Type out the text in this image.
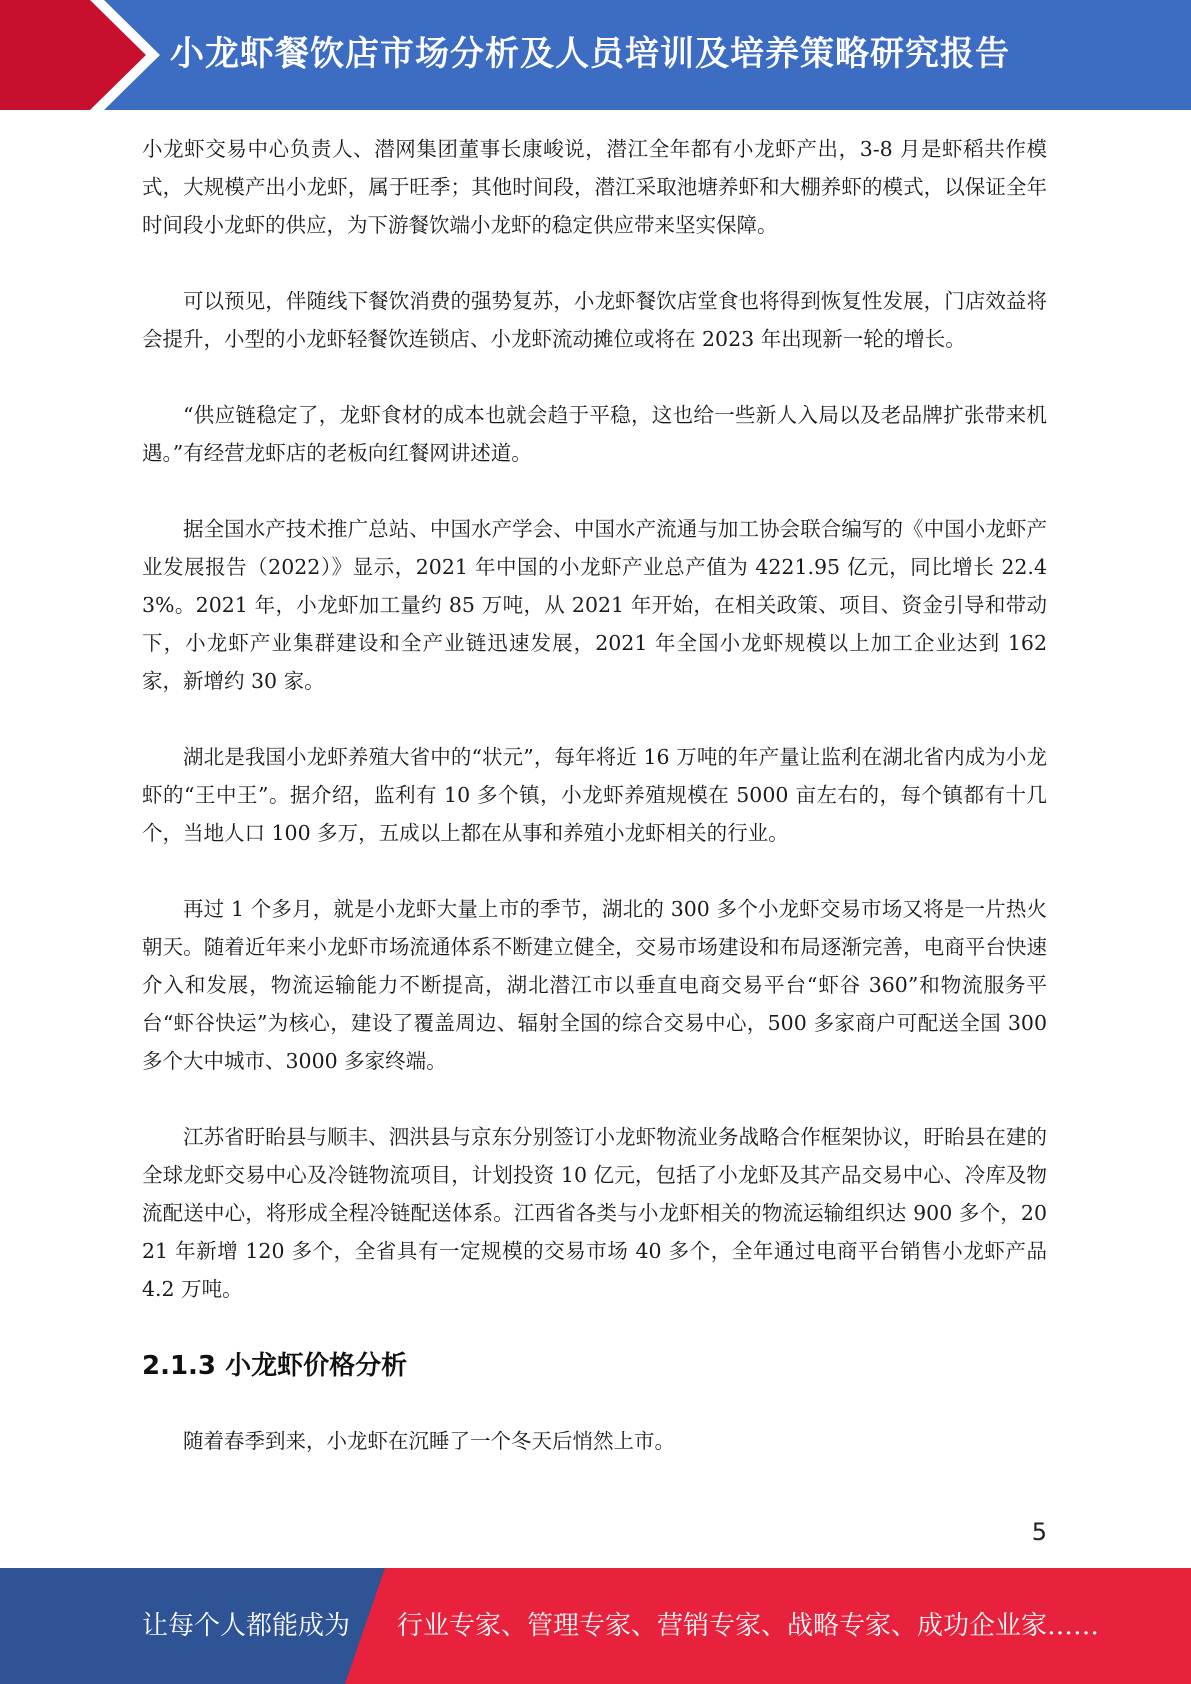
小龙虾餐饮店市场分析及人员培训及培养策略研究报告

小龙虾交易中心负责人、潜网集团董事长康峻说，潜江全年都有小龙虾产出，3-8 月是虾稻共作模式，大规模产出小龙虾，属于旺季；其他时间段，潜江采取池塘养虾和大棚养虾的模式，以保证全年时间段小龙虾的供应，为下游餐饮端小龙虾的稳定供应带来坚实保障。

可以预见，伴随线下餐饮消费的强势复苏，小龙虾餐饮店堂食也将得到恢复性发展，门店效益将会提升，小型的小龙虾轻餐饮连锁店、小龙虾流动摊位或将在 2023 年出现新一轮的增长。

“供应链稳定了，龙虾食材的成本也就会趋于平稳，这也给一些新人入局以及老品牌扩张带来机遇。”有经营龙虾店的老板向红餐网讲述道。

据全国水产技术推广总站、中国水产学会、中国水产流通与加工协会联合编写的《中国小龙虾产业发展报告（2022）》显示，2021 年中国的小龙虾产业总产值为 4221.95 亿元，同比增长 22.43%。2021 年，小龙虾加工量约 85 万吨，从 2021 年开始，在相关政策、项目、资金引导和带动下，小龙虾产业集群建设和全产业链迅速发展，2021 年全国小龙虾规模以上加工企业达到 162 家，新增约 30 家。

湖北是我国小龙虾养殖大省中的“状元”，每年将近 16 万吨的年产量让监利在湖北省内成为小龙虾的“王中王”。据介绍，监利有 10 多个镇，小龙虾养殖规模在 5000 亩左右的，每个镇都有十几个，当地人口 100 多万，五成以上都在从事和养殖小龙虾相关的行业。

再过 1 个多月，就是小龙虾大量上市的季节，湖北的 300 多个小龙虾交易市场又将是一片热火朝天。随着近年来小龙虾市场流通体系不断建立健全，交易市场建设和布局逐渐完善，电商平台快速介入和发展，物流运输能力不断提高，湖北潜江市以垂直电商交易平台“虾谷 360”和物流服务平台“虾谷快运”为核心，建设了覆盖周边、辐射全国的综合交易中心，500 多家商户可配送全国 300 多个大中城市、3000 多家终端。

江苏省盱眙县与顺丰、泗洪县与京东分别签订小龙虾物流业务战略合作框架协议，盱眙县在建的全球龙虾交易中心及冷链物流项目，计划投资 10 亿元，包括了小龙虾及其产品交易中心、冷库及物流配送中心，将形成全程冷链配送体系。江西省各类与小龙虾相关的物流运输组织达 900 多个，2021 年新增 120 多个，全省具有一定规模的交易市场 40 多个，全年通过电商平台销售小龙虾产品 4.2 万吨。

2.1.3 小龙虾价格分析

随着春季到来，小龙虾在沉睡了一个冬天后悄然上市。

5
让每个人都能成为 行业专家、管理专家、营销专家、战略专家、成功企业家……
